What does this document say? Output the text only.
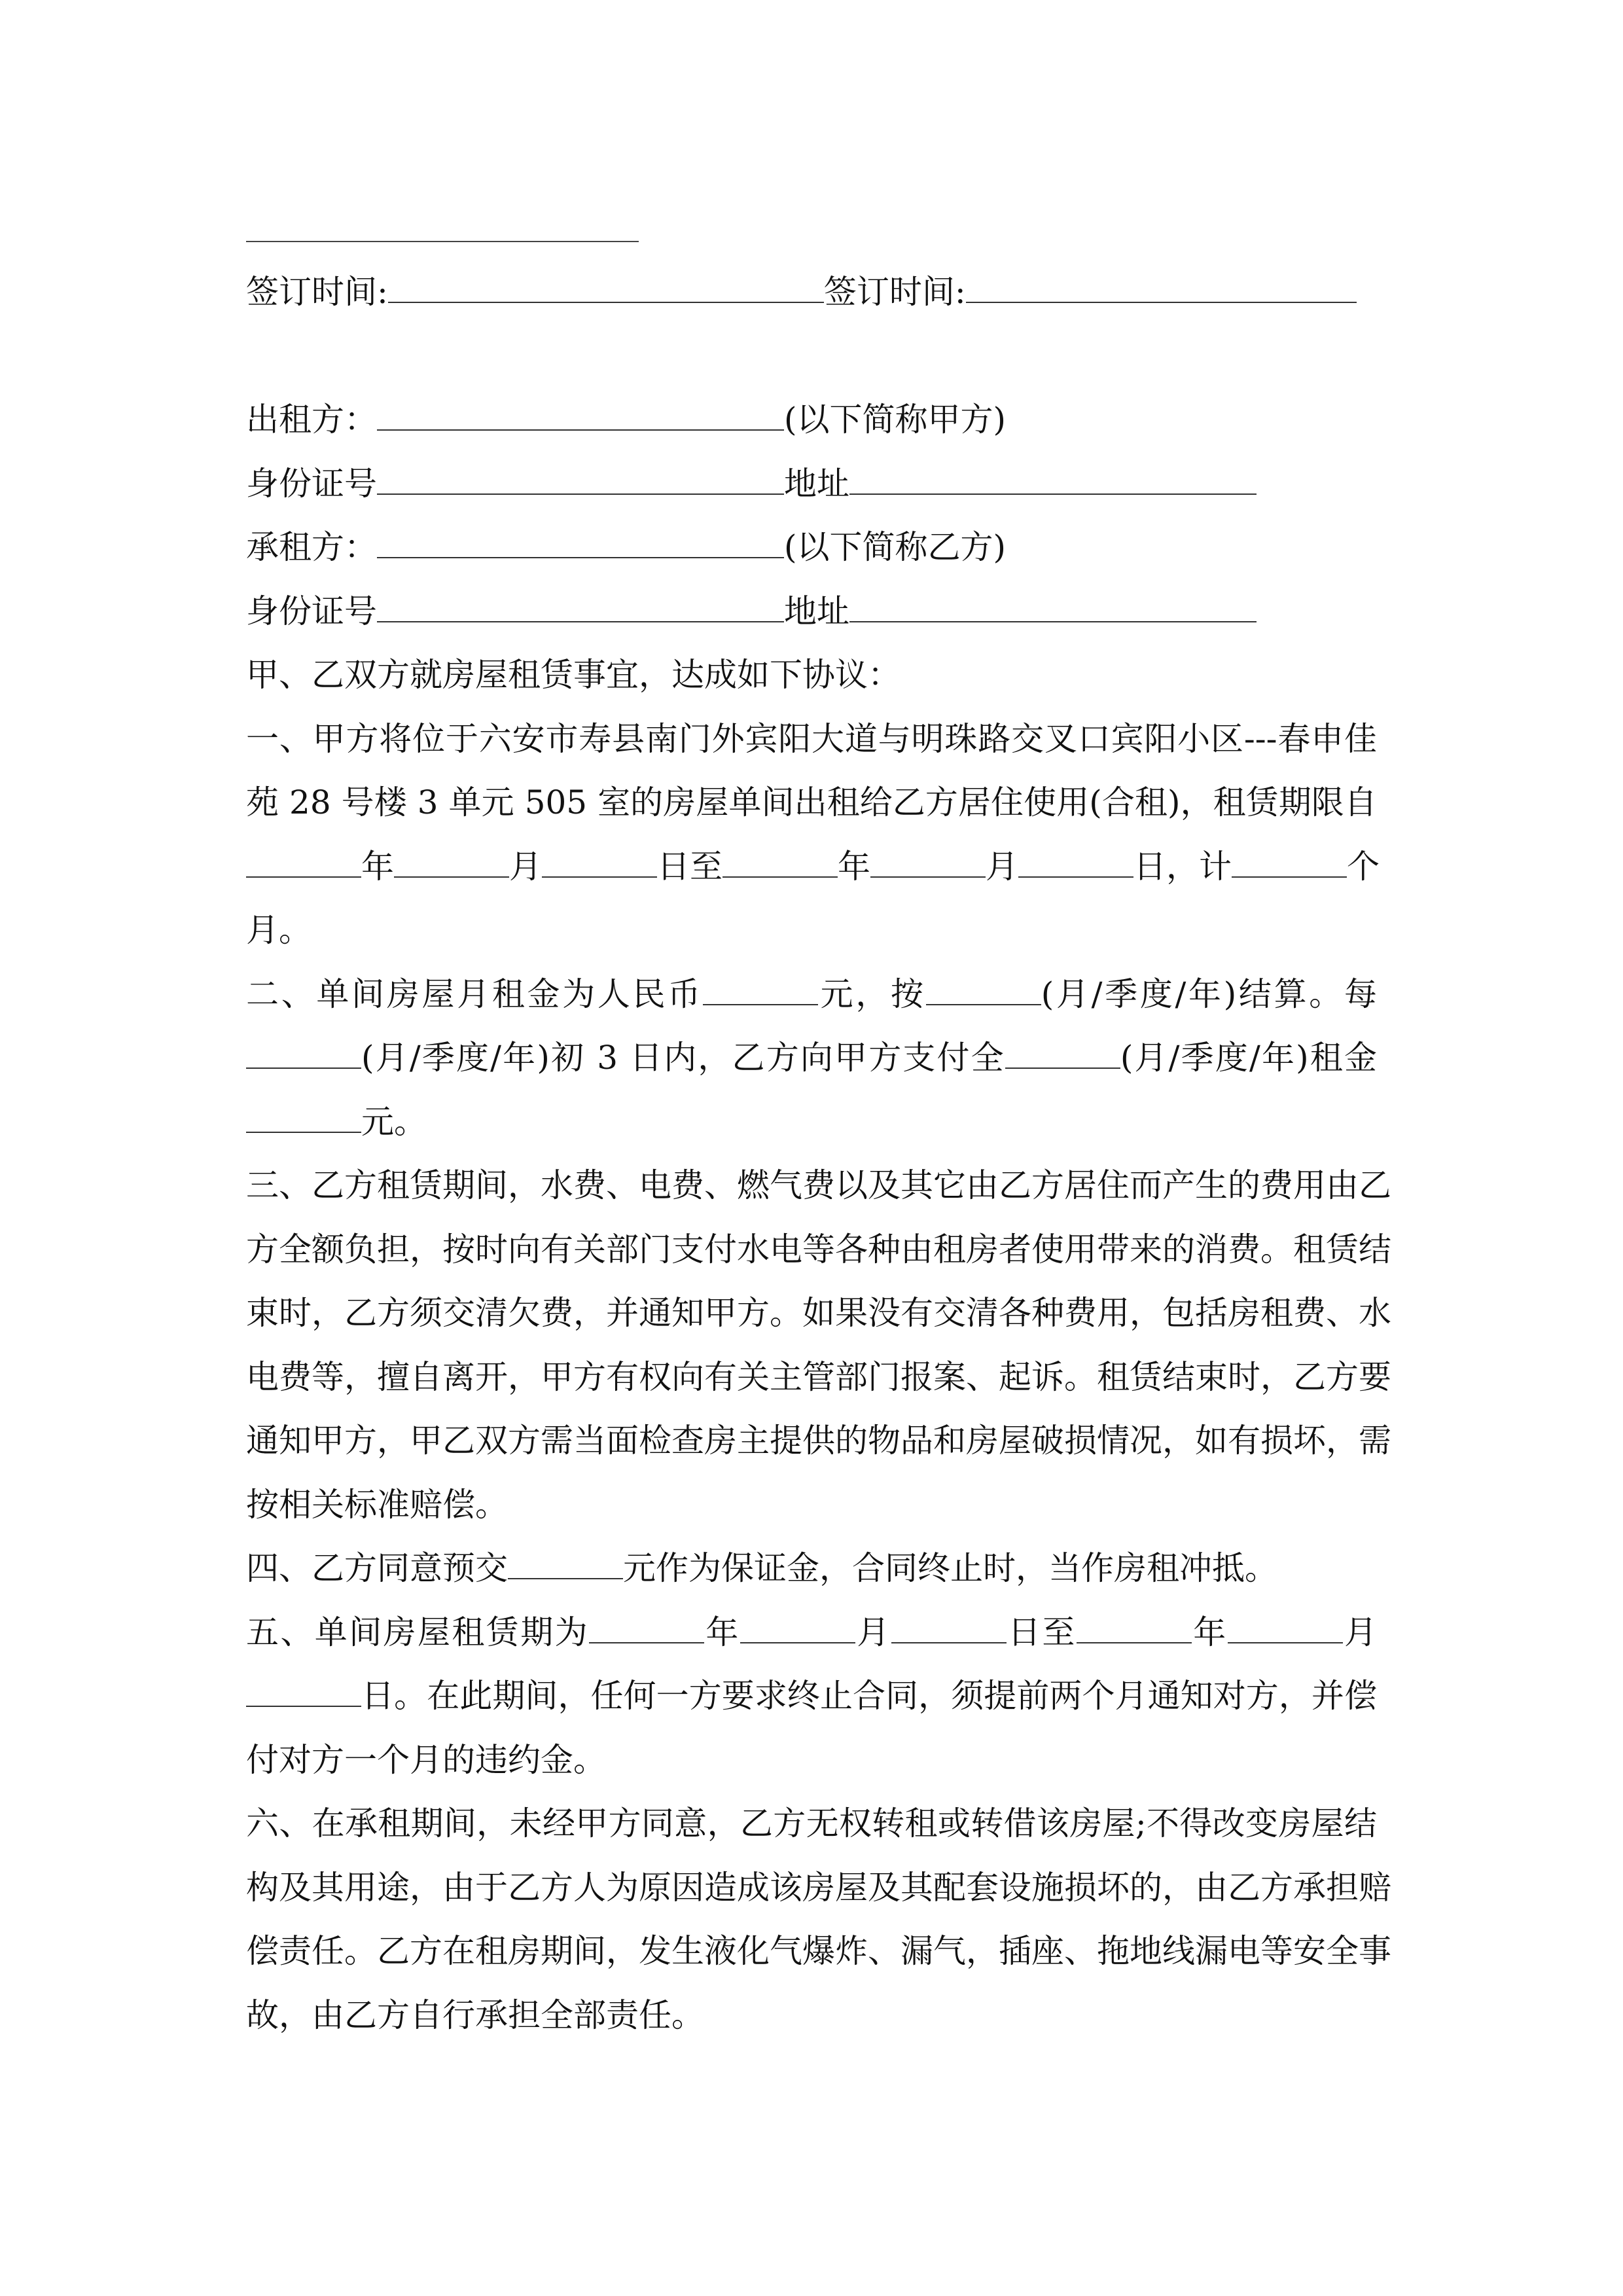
签订时间:	签订时间:
出租方：	(以下简称甲方)
身份证号	地址
承租方：	(以下简称乙方)
身份证号	地址
甲、乙双方就房屋租赁事宜，达成如下协议：
一、甲方将位于六安市寿县南门外宾阳大道与明珠路交叉口宾阳小区---春申佳
苑 28 号楼 3 单元 505 室的房屋单间出租给乙方居住使用(合租)，租赁期限自
年	月	日至	年	月	日，计	个
月。
二、单间房屋月租金为人民币	元，按	(月/季度/年)结算。每
(月/季度/年)初 3 日内，乙方向甲方支付全	(月/季度/年)租金
元。
三、乙方租赁期间，水费、电费、燃气费以及其它由乙方居住而产生的费用由乙
方全额负担，按时向有关部门支付水电等各种由租房者使用带来的消费。租赁结
束时，乙方须交清欠费，并通知甲方。如果没有交清各种费用，包括房租费、水
电费等，擅自离开，甲方有权向有关主管部门报案、起诉。租赁结束时，乙方要
通知甲方，甲乙双方需当面检查房主提供的物品和房屋破损情况，如有损坏，需
按相关标准赔偿。
四、乙方同意预交	元作为保证金，合同终止时，当作房租冲抵。
五、单间房屋租赁期为	年	月	日至	年	月
日。在此期间，任何一方要求终止合同，须提前两个月通知对方，并偿
付对方一个月的违约金。
六、在承租期间，未经甲方同意，乙方无权转租或转借该房屋;不得改变房屋结
构及其用途，由于乙方人为原因造成该房屋及其配套设施损坏的，由乙方承担赔
偿责任。乙方在租房期间，发生液化气爆炸、漏气，插座、拖地线漏电等安全事
故，由乙方自行承担全部责任。
